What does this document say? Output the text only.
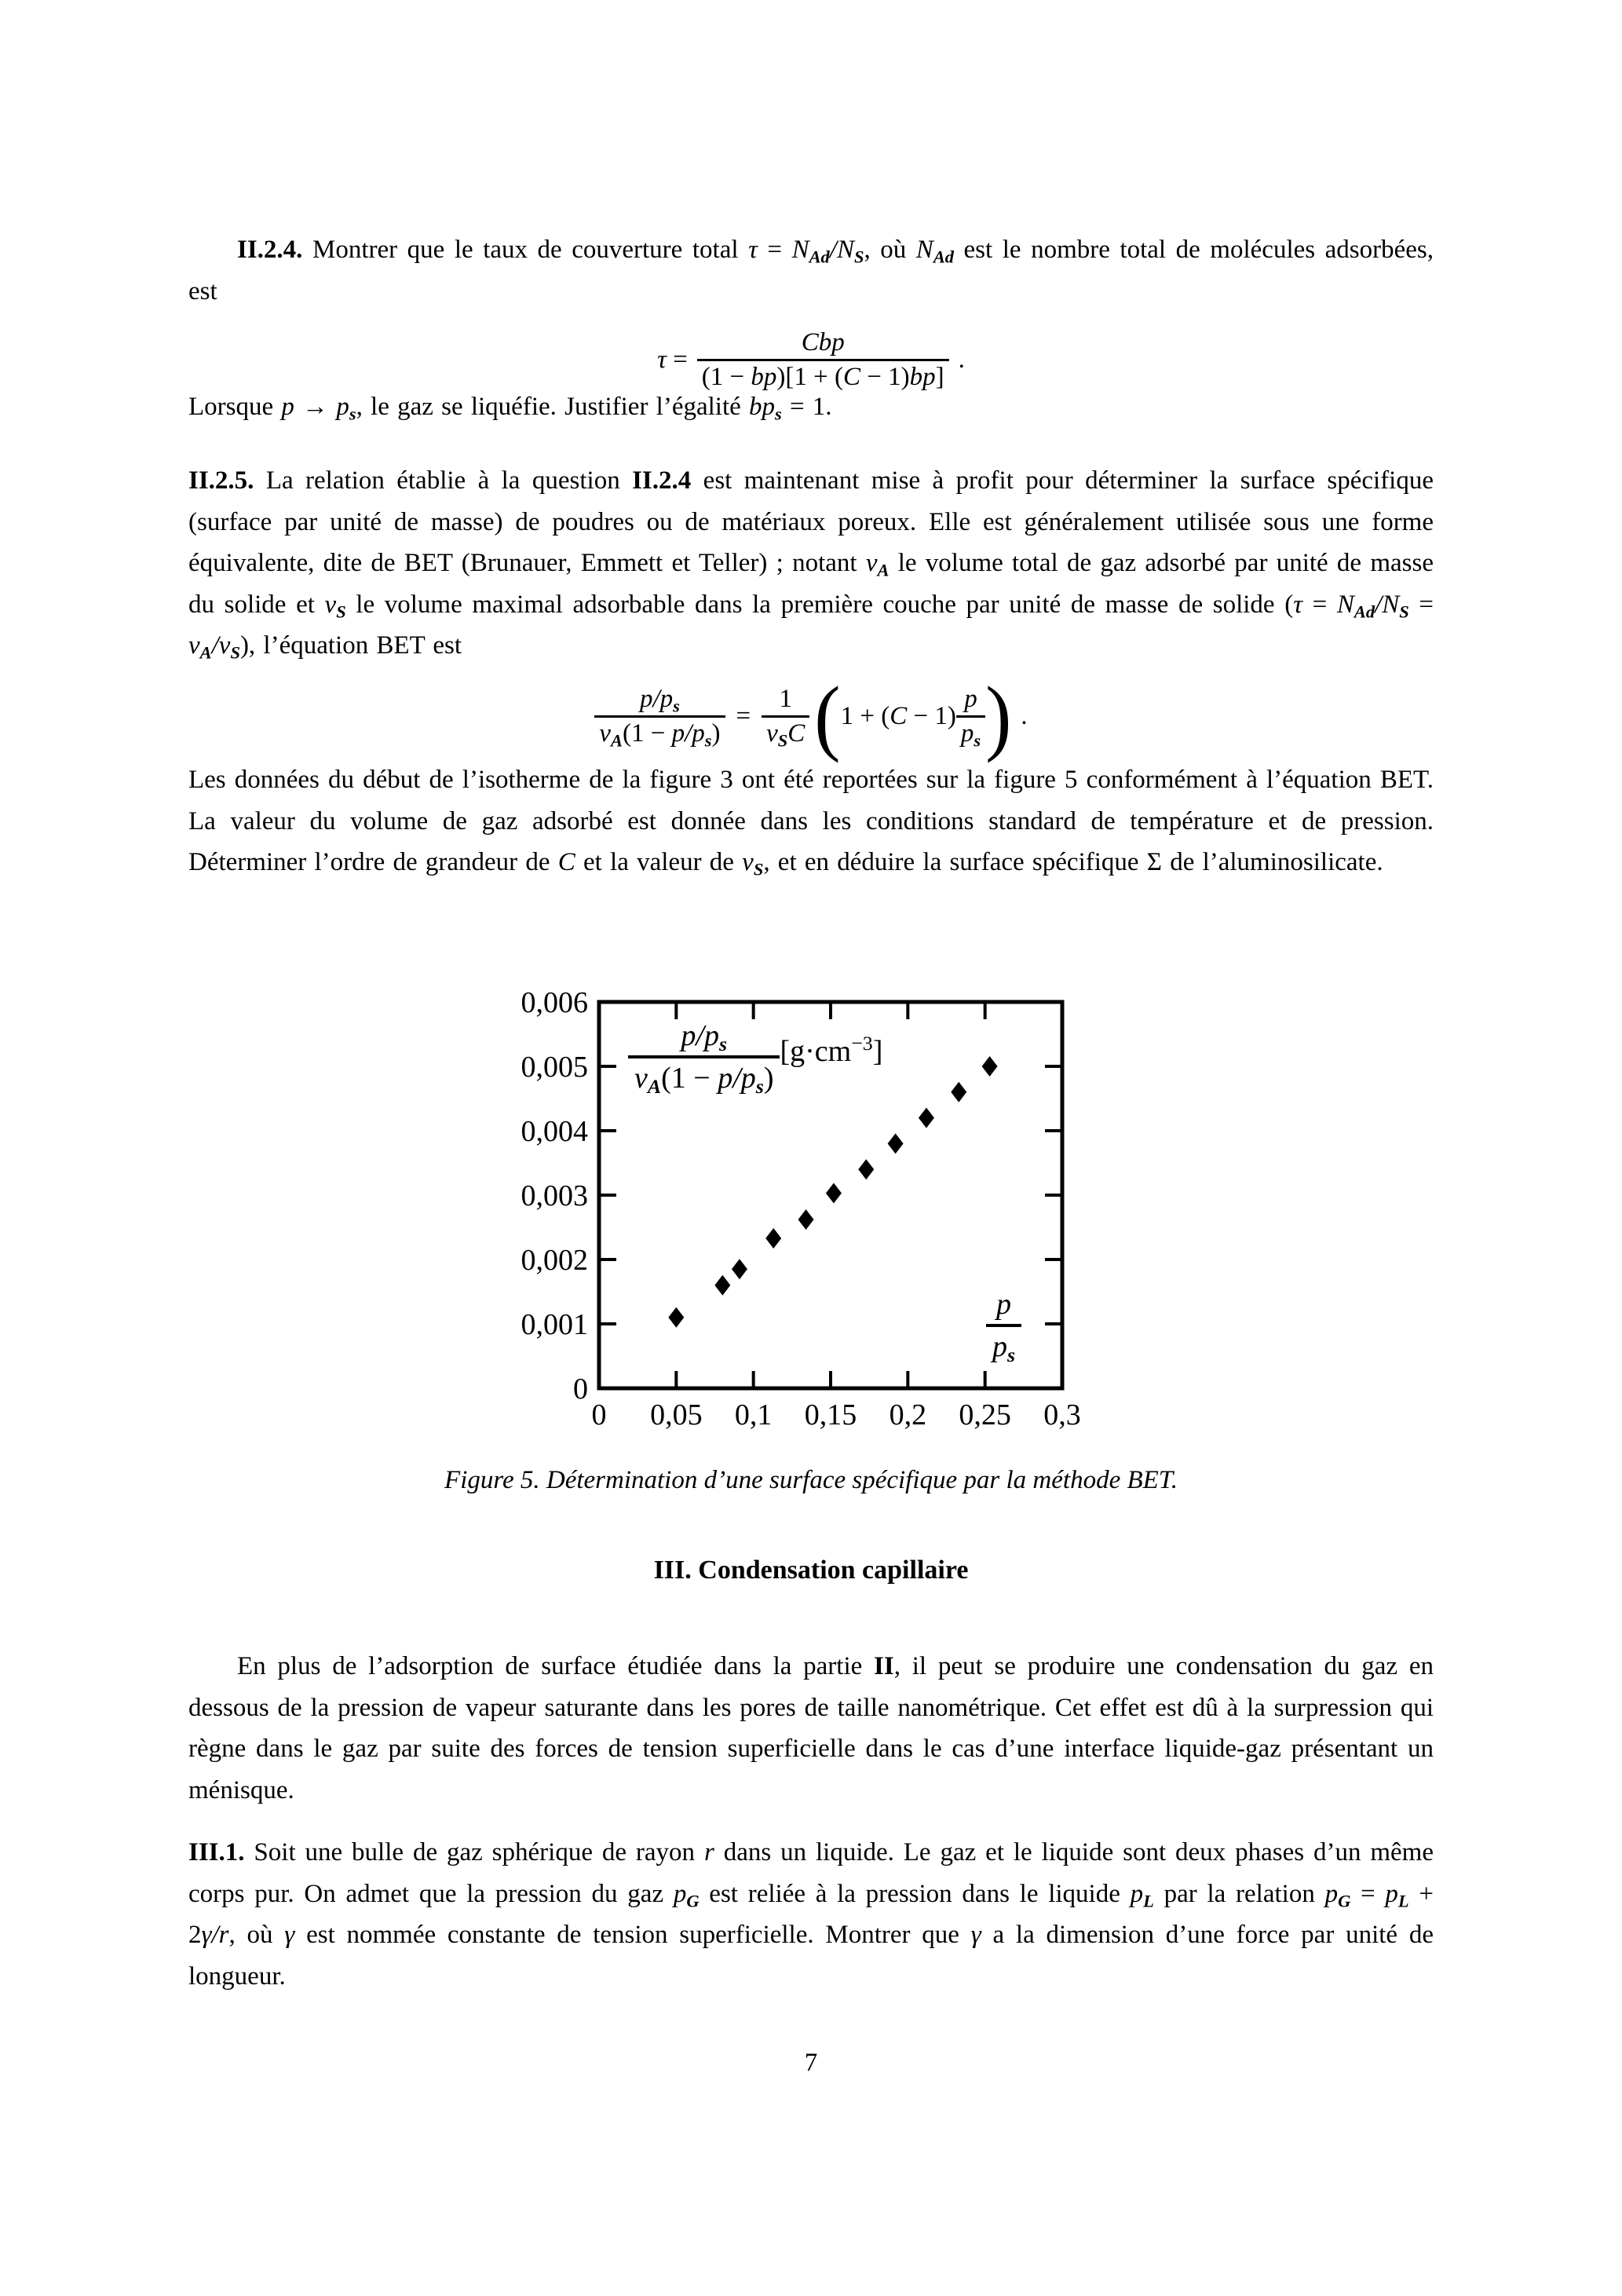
II.2.4. Montrer que le taux de couverture total $\tau = N_{Ad}/N_S$, où $N_{Ad}$ est le nombre total de molécules adsorbées, est
$\tau = \frac{\text{Cbp}}{(1 - bp)[1 + (C - 1)bp]}$ .
Lorsque $p \to p_s$, le gaz se liquéfie. Justifier l’égalité $bp_s = 1$.
II.2.5. La relation établie à la question II.2.4 est maintenant mise à profit pour déterminer la surface spécifique (surface par unité de masse) de poudres ou de matériaux poreux. Elle est généralement utilisée sous une forme équivalente, dite de BET (Brunauer, Emmett et Teller) ; notant $v_A$ le volume total de gaz adsorbé par unité de masse du solide et $v_S$ le volume maximal adsorbable dans la première couche par unité de masse de solide $(\tau = N_{Ad}/N_S = v_A/v_S)$, l’équation BET est
$\frac{p/p_s}{v_A(1 - p/p_s)} = \frac{1}{v_SC}$ ( $1 + (C - 1) \frac{p}{p_s}$ ) .
Les données du début de l’isotherme de la figure 3 ont été reportées sur la figure 5 conformément à l’équation BET. La valeur du volume de gaz adsorbé est donnée dans les conditions standard de température et de pression. Déterminer l’ordre de grandeur de C et la valeur de $v_S$, et en déduire la surface spécifique Σ de l’aluminosilicate.
0 0,05 0,1 0,15 0,2 0,25 0,3
0
0,001
0,002
0,003
0,004
0,005
0,006
$\frac{p/p_s}{v_A(1 - p/p_s)} [g\cdot cm^{-3}]$
$\frac{p}{p_s}$
Figure 5. Détermination d’une surface spécifique par la méthode BET.
III. Condensation capillaire
En plus de l’adsorption de surface étudiée dans la partie II, il peut se produire une condensation du gaz en dessous de la pression de vapeur saturante dans les pores de taille nanométrique. Cet effet est dû à la surpression qui règne dans le gaz par suite des forces de tension superficielle dans le cas d’une interface liquide-gaz présentant un ménisque.
III.1. Soit une bulle de gaz sphérique de rayon r dans un liquide. Le gaz et le liquide sont deux phases d’un même corps pur. On admet que la pression du gaz $p_G$ est reliée à la pression dans le liquide $p_L$ par la relation $p_G = p_L + 2\gamma/r$, où γ est nommée constante de tension superficielle. Montrer que γ a la dimension d’une force par unité de longueur.
7
